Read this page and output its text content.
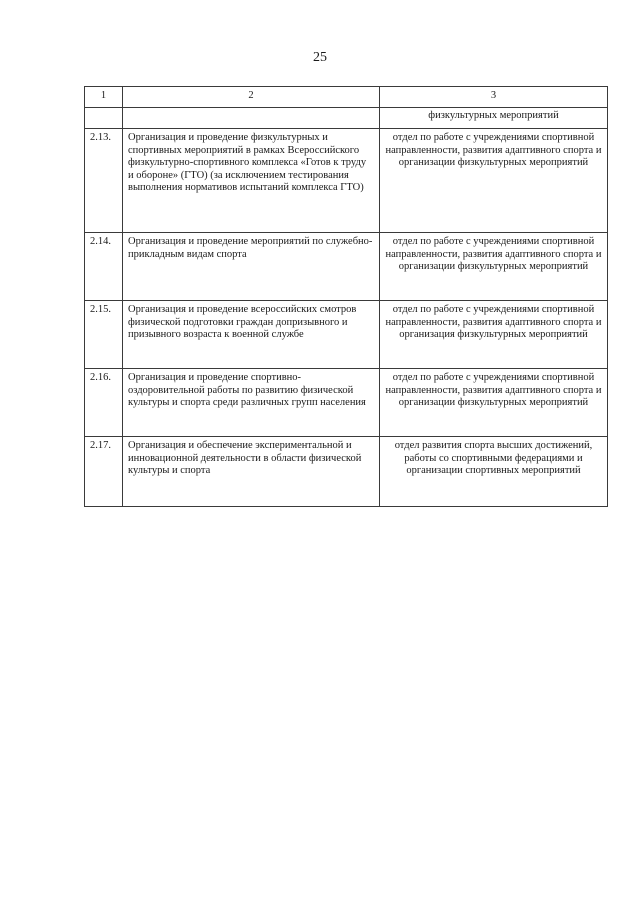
25
1	2	3
		физкультурных мероприятий
2.13.	Организация и проведение физкультурных и спортивных мероприятий в рамках Всероссийского физкультурно-спортивного комплекса «Готов к труду и обороне» (ГТО) (за исключением тестирования выполнения нормативов испытаний комплекса ГТО)	отдел по работе с учреждениями спортивной направленности, развития адаптивного спорта и организации физкультурных мероприятий
2.14.	Организация и проведение мероприятий по служебно-прикладным видам спорта	отдел по работе с учреждениями спортивной направленности, развития адаптивного спорта и организации физкультурных мероприятий
2.15.	Организация и проведение всероссийских смотров физической подготовки граждан допризывного и призывного возраста к военной службе	отдел по работе с учреждениями спортивной направленности, развития адаптивного спорта и организация физкультурных мероприятий
2.16.	Организация и проведение спортивно-оздоровительной работы по развитию физической культуры и спорта среди различных групп населения	отдел по работе с учреждениями спортивной направленности, развития адаптивного спорта и организации физкультурных мероприятий
2.17.	Организация и обеспечение экспериментальной и инновационной деятельности в области физической культуры и спорта	отдел развития спорта высших достижений, работы со спортивными федерациями и организации спортивных мероприятий
